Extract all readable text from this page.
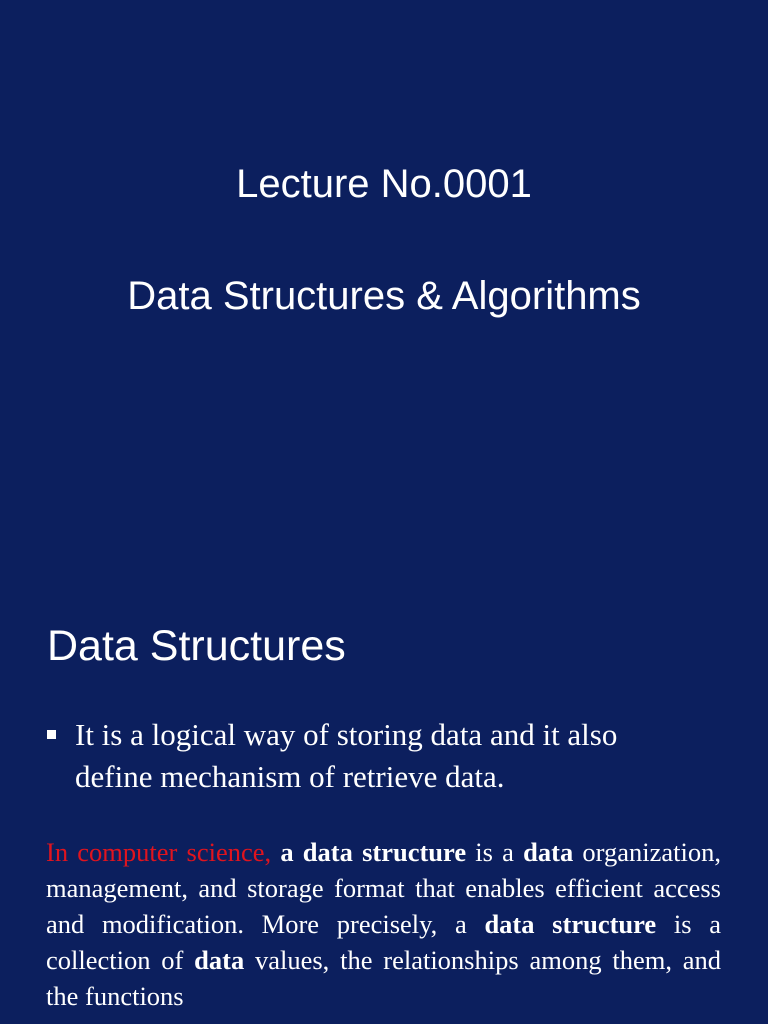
Lecture No.0001
Data Structures & Algorithms
Data Structures
It is a logical way of storing data and it also define mechanism of retrieve data.
In computer science, a data structure is a data organization, management, and storage format that enables efficient access and modification. More precisely, a data structure is a collection of data values, the relationships among them, and the functions
